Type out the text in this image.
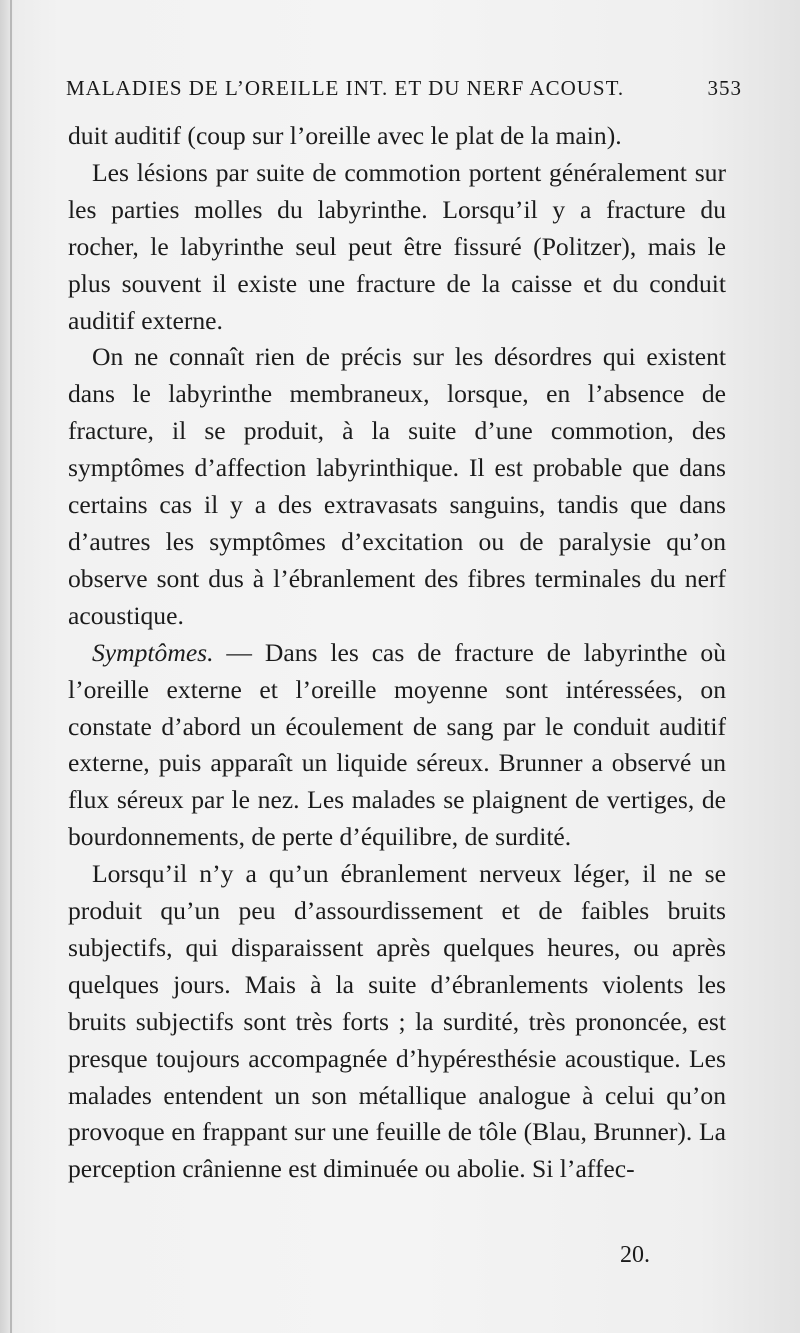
MALADIES DE L’OREILLE INT. ET DU NERF ACOUST.	353

duit auditif (coup sur l’oreille avec le plat de la main).

Les lésions par suite de commotion portent généralement sur les parties molles du labyrinthe. Lorsqu’il y a fracture du rocher, le labyrinthe seul peut être fissuré (Politzer), mais le plus souvent il existe une fracture de la caisse et du conduit auditif externe.

On ne connaît rien de précis sur les désordres qui existent dans le labyrinthe membraneux, lorsque, en l’absence de fracture, il se produit, à la suite d’une commotion, des symptômes d’affection labyrinthique. Il est probable que dans certains cas il y a des extravasats sanguins, tandis que dans d’autres les symptômes d’excitation ou de paralysie qu’on observe sont dus à l’ébranlement des fibres terminales du nerf acoustique.

Symptômes. — Dans les cas de fracture de labyrinthe où l’oreille externe et l’oreille moyenne sont intéressées, on constate d’abord un écoulement de sang par le conduit auditif externe, puis apparaît un liquide séreux. Brunner a observé un flux séreux par le nez. Les malades se plaignent de vertiges, de bourdonnements, de perte d’équilibre, de surdité.

Lorsqu’il n’y a qu’un ébranlement nerveux léger, il ne se produit qu’un peu d’assourdissement et de faibles bruits subjectifs, qui disparaissent après quelques heures, ou après quelques jours. Mais à la suite d’ébranlements violents les bruits subjectifs sont très forts ; la surdité, très prononcée, est presque toujours accompagnée d’hypéresthésie acoustique. Les malades entendent un son métallique analogue à celui qu’on provoque en frappant sur une feuille de tôle (Blau, Brunner). La perception crânienne est diminuée ou abolie. Si l’affec-

20.
